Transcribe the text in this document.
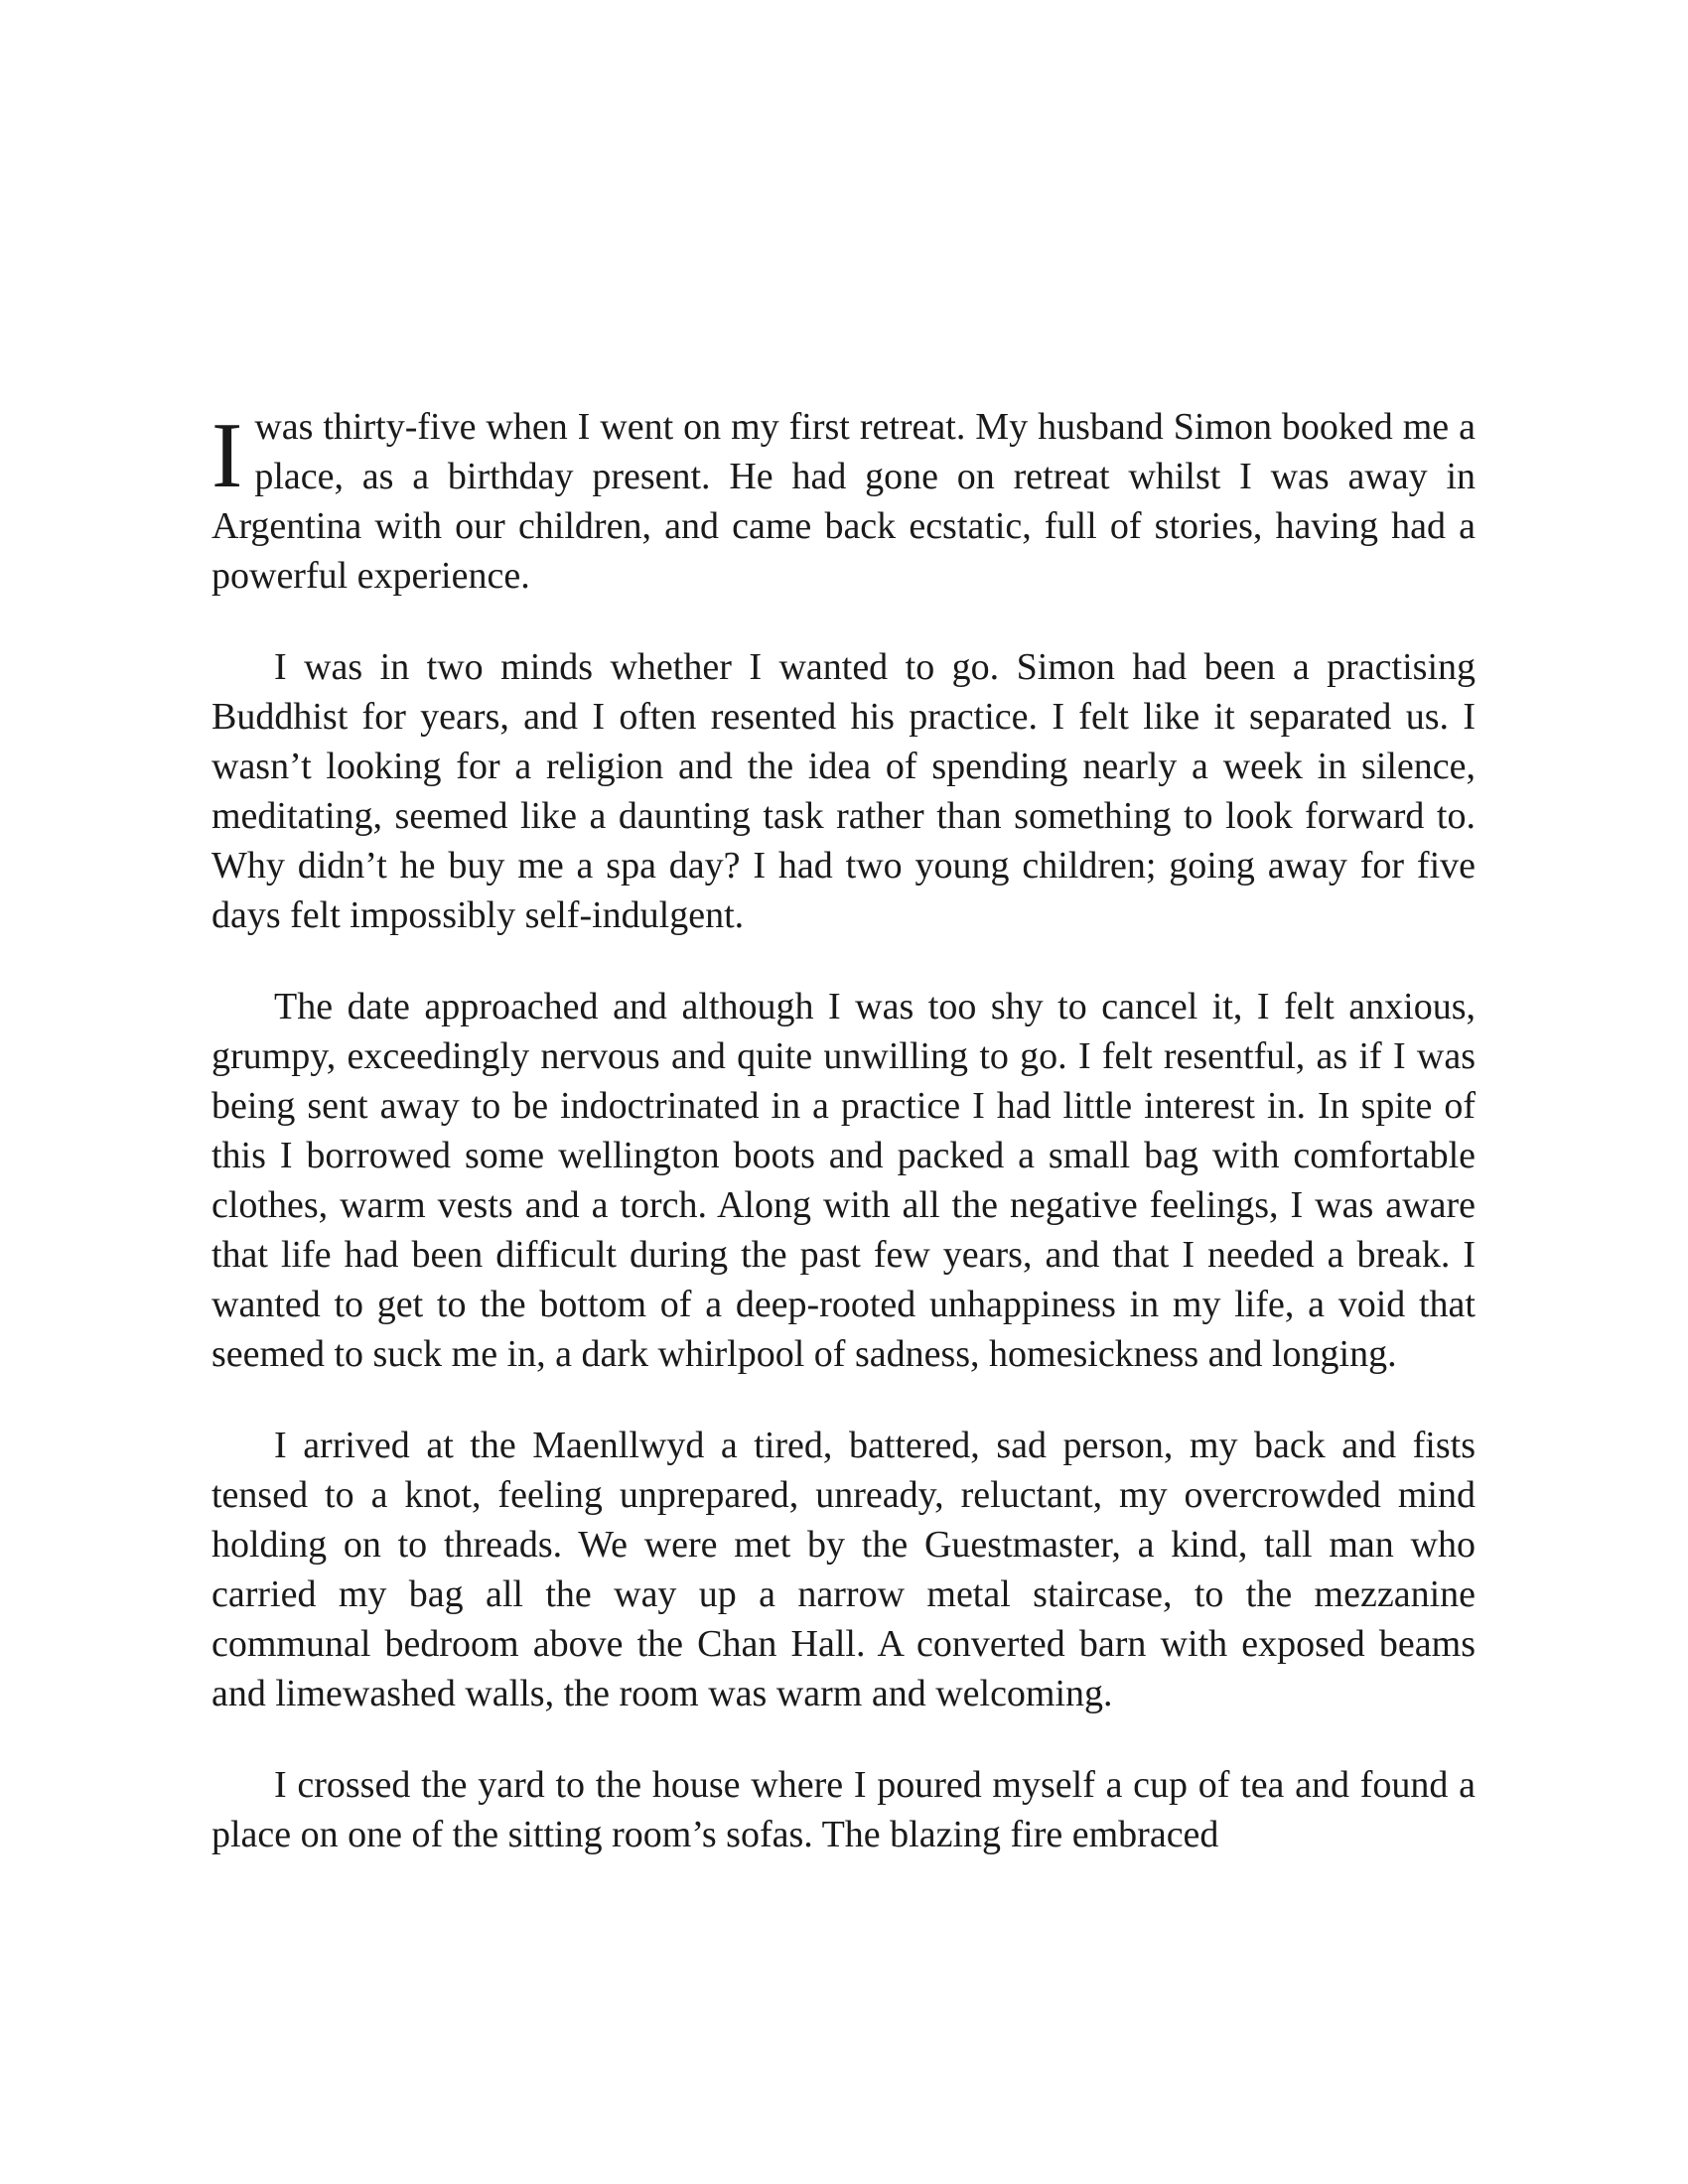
Iwas thirty-five when I went on my first retreat. My husband Simon booked me a place, as a birthday present. He had gone on retreat whilst I was away in Argentina with our children, and came back ecstatic, full of stories, having had a powerful experience.

I was in two minds whether I wanted to go. Simon had been a practising Buddhist for years, and I often resented his practice. I felt like it separated us. I wasn’t looking for a religion and the idea of spending nearly a week in silence, meditating, seemed like a daunting task rather than something to look forward to. Why didn’t he buy me a spa day? I had two young children; going away for five days felt impossibly self-indulgent.

The date approached and although I was too shy to cancel it, I felt anxious, grumpy, exceedingly nervous and quite unwilling to go. I felt resentful, as if I was being sent away to be indoctrinated in a practice I had little interest in. In spite of this I borrowed some wellington boots and packed a small bag with comfortable clothes, warm vests and a torch. Along with all the negative feelings, I was aware that life had been difficult during the past few years, and that I needed a break. I wanted to get to the bottom of a deep-rooted unhappiness in my life, a void that seemed to suck me in, a dark whirlpool of sadness, homesickness and longing.

I arrived at the Maenllwyd a tired, battered, sad person, my back and fists tensed to a knot, feeling unprepared, unready, reluctant, my overcrowded mind holding on to threads. We were met by the Guestmaster, a kind, tall man who carried my bag all the way up a narrow metal staircase, to the mezzanine communal bedroom above the Chan Hall. A converted barn with exposed beams and limewashed walls, the room was warm and welcoming.

I crossed the yard to the house where I poured myself a cup of tea and found a place on one of the sitting room’s sofas. The blazing fire embraced
